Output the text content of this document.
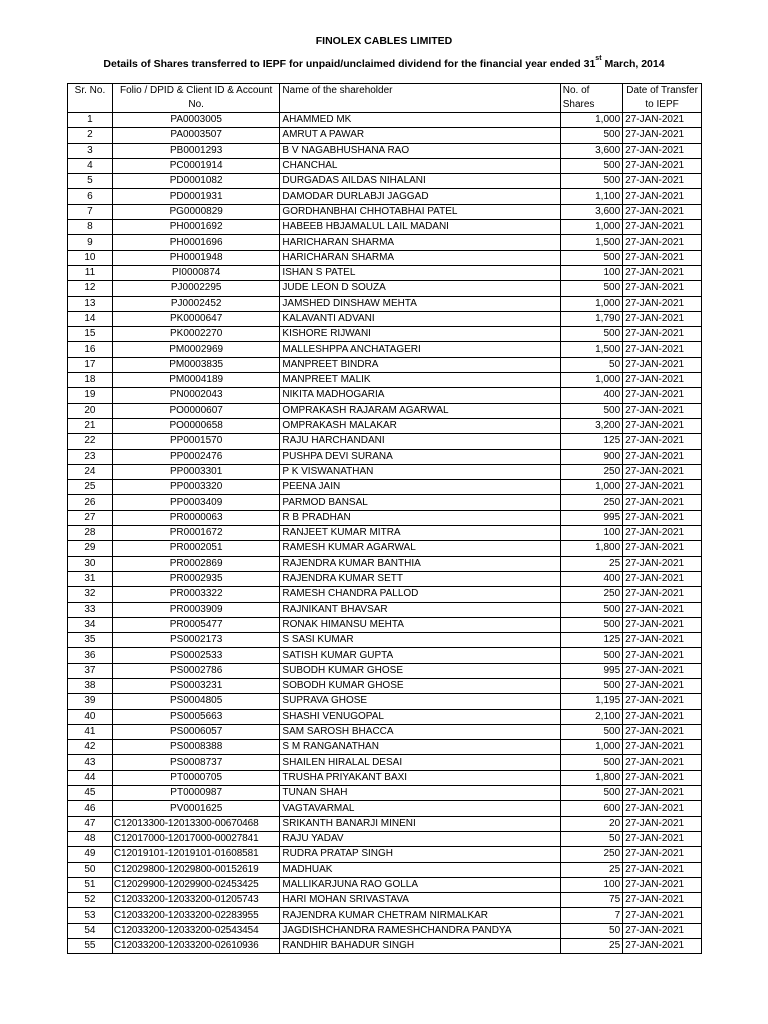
FINOLEX CABLES LIMITED
Details of Shares transferred to IEPF for unpaid/unclaimed dividend for the financial year ended 31st March, 2014
Sr. No.	Folio / DPID & Client ID & Account No.	Name of the shareholder	No. of Shares	Date of Transfer to IEPF
1	PA0003005	AHAMMED MK	1,000	27-JAN-2021
2	PA0003507	AMRUT A PAWAR	500	27-JAN-2021
3	PB0001293	B V NAGABHUSHANA RAO	3,600	27-JAN-2021
4	PC0001914	CHANCHAL	500	27-JAN-2021
5	PD0001082	DURGADAS AILDAS NIHALANI	500	27-JAN-2021
6	PD0001931	DAMODAR DURLABJI JAGGAD	1,100	27-JAN-2021
7	PG0000829	GORDHANBHAI CHHOTABHAI PATEL	3,600	27-JAN-2021
8	PH0001692	HABEEB HBJAMALUL LAIL MADANI	1,000	27-JAN-2021
9	PH0001696	HARICHARAN SHARMA	1,500	27-JAN-2021
10	PH0001948	HARICHARAN SHARMA	500	27-JAN-2021
11	PI0000874	ISHAN S PATEL	100	27-JAN-2021
12	PJ0002295	JUDE LEON D SOUZA	500	27-JAN-2021
13	PJ0002452	JAMSHED DINSHAW MEHTA	1,000	27-JAN-2021
14	PK0000647	KALAVANTI ADVANI	1,790	27-JAN-2021
15	PK0002270	KISHORE RIJWANI	500	27-JAN-2021
16	PM0002969	MALLESHPPA ANCHATAGERI	1,500	27-JAN-2021
17	PM0003835	MANPREET BINDRA	50	27-JAN-2021
18	PM0004189	MANPREET MALIK	1,000	27-JAN-2021
19	PN0002043	NIKITA MADHOGARIA	400	27-JAN-2021
20	PO0000607	OMPRAKASH RAJARAM AGARWAL	500	27-JAN-2021
21	PO0000658	OMPRAKASH MALAKAR	3,200	27-JAN-2021
22	PP0001570	RAJU HARCHANDANI	125	27-JAN-2021
23	PP0002476	PUSHPA DEVI SURANA	900	27-JAN-2021
24	PP0003301	P K VISWANATHAN	250	27-JAN-2021
25	PP0003320	PEENA JAIN	1,000	27-JAN-2021
26	PP0003409	PARMOD BANSAL	250	27-JAN-2021
27	PR0000063	R B PRADHAN	995	27-JAN-2021
28	PR0001672	RANJEET KUMAR MITRA	100	27-JAN-2021
29	PR0002051	RAMESH KUMAR AGARWAL	1,800	27-JAN-2021
30	PR0002869	RAJENDRA KUMAR BANTHIA	25	27-JAN-2021
31	PR0002935	RAJENDRA KUMAR SETT	400	27-JAN-2021
32	PR0003322	RAMESH CHANDRA PALLOD	250	27-JAN-2021
33	PR0003909	RAJNIKANT BHAVSAR	500	27-JAN-2021
34	PR0005477	RONAK HIMANSU MEHTA	500	27-JAN-2021
35	PS0002173	S SASI KUMAR	125	27-JAN-2021
36	PS0002533	SATISH KUMAR GUPTA	500	27-JAN-2021
37	PS0002786	SUBODH KUMAR GHOSE	995	27-JAN-2021
38	PS0003231	SOBODH KUMAR GHOSE	500	27-JAN-2021
39	PS0004805	SUPRAVA GHOSE	1,195	27-JAN-2021
40	PS0005663	SHASHI VENUGOPAL	2,100	27-JAN-2021
41	PS0006057	SAM SAROSH BHACCA	500	27-JAN-2021
42	PS0008388	S M RANGANATHAN	1,000	27-JAN-2021
43	PS0008737	SHAILEN HIRALAL DESAI	500	27-JAN-2021
44	PT0000705	TRUSHA PRIYAKANT BAXI	1,800	27-JAN-2021
45	PT0000987	TUNAN SHAH	500	27-JAN-2021
46	PV0001625	VAGTAVARMAL	600	27-JAN-2021
47	C12013300-12013300-00670468	SRIKANTH BANARJI MINENI	20	27-JAN-2021
48	C12017000-12017000-00027841	RAJU YADAV	50	27-JAN-2021
49	C12019101-12019101-01608581	RUDRA PRATAP SINGH	250	27-JAN-2021
50	C12029800-12029800-00152619	MADHUAK	25	27-JAN-2021
51	C12029900-12029900-02453425	MALLIKARJUNA RAO GOLLA	100	27-JAN-2021
52	C12033200-12033200-01205743	HARI MOHAN SRIVASTAVA	75	27-JAN-2021
53	C12033200-12033200-02283955	RAJENDRA KUMAR CHETRAM NIRMALKAR	7	27-JAN-2021
54	C12033200-12033200-02543454	JAGDISHCHANDRA RAMESHCHANDRA PANDYA	50	27-JAN-2021
55	C12033200-12033200-02610936	RANDHIR BAHADUR SINGH	25	27-JAN-2021
